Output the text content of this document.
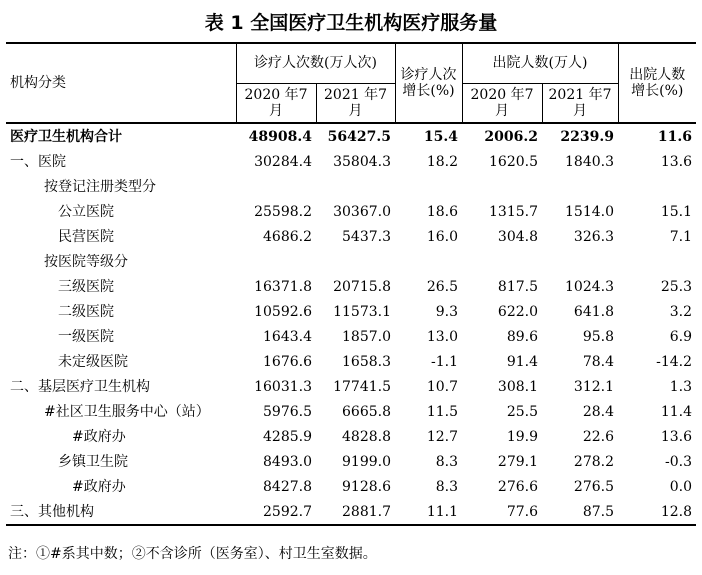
表 1 全国医疗卫生机构医疗服务量
机构分类	诊疗人次数(万人次)		诊疗人次增长(%)	出院人数(万人)		出院人数增长(%)
	2020 年7 月	2021 年7 月		2020 年7 月	2021 年7 月	
医疗卫生机构合计	48908.4	56427.5	15.4	2006.2	2239.9	11.6
一、医院	30284.4	35804.3	18.2	1620.5	1840.3	13.6
按登记注册类型分						
公立医院	25598.2	30367.0	18.6	1315.7	1514.0	15.1
民营医院	4686.2	5437.3	16.0	304.8	326.3	7.1
按医院等级分						
三级医院	16371.8	20715.8	26.5	817.5	1024.3	25.3
二级医院	10592.6	11573.1	9.3	622.0	641.8	3.2
一级医院	1643.4	1857.0	13.0	89.6	95.8	6.9
未定级医院	1676.6	1658.3	-1.1	91.4	78.4	-14.2
二、基层医疗卫生机构	16031.3	17741.5	10.7	308.1	312.1	1.3
#社区卫生服务中心（站）	5976.5	6665.8	11.5	25.5	28.4	11.4
#政府办	4285.9	4828.8	12.7	19.9	22.6	13.6
乡镇卫生院	8493.0	9199.0	8.3	279.1	278.2	-0.3
#政府办	8427.8	9128.6	8.3	276.6	276.5	0.0
三、其他机构	2592.7	2881.7	11.1	77.6	87.5	12.8
注：①#系其中数；②不含诊所（医务室）、村卫生室数据。
